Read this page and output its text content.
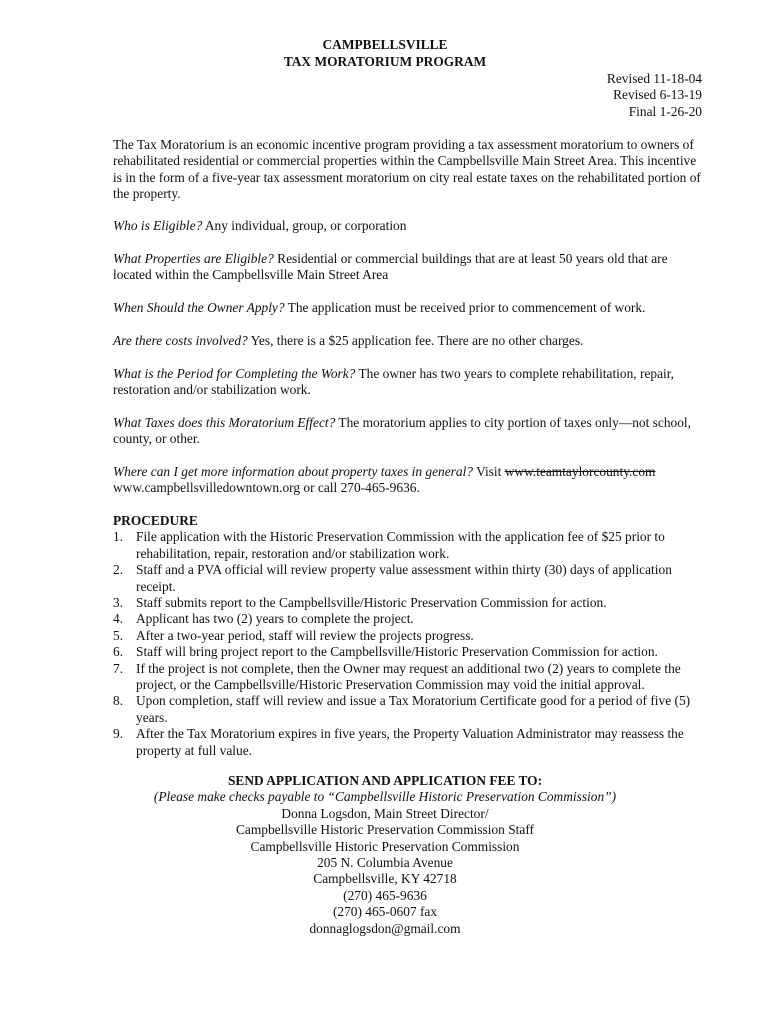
CAMPBELLSVILLE
TAX MORATORIUM PROGRAM
Revised 11-18-04
Revised 6-13-19
Final 1-26-20
The Tax Moratorium is an economic incentive program providing a tax assessment moratorium to owners of rehabilitated residential or commercial properties within the Campbellsville Main Street Area. This incentive is in the form of a five-year tax assessment moratorium on city real estate taxes on the rehabilitated portion of the property.
Who is Eligible? Any individual, group, or corporation
What Properties are Eligible? Residential or commercial buildings that are at least 50 years old that are located within the Campbellsville Main Street Area
When Should the Owner Apply? The application must be received prior to commencement of work.
Are there costs involved? Yes, there is a $25 application fee. There are no other charges.
What is the Period for Completing the Work? The owner has two years to complete rehabilitation, repair, restoration and/or stabilization work.
What Taxes does this Moratorium Effect? The moratorium applies to city portion of taxes only—not school, county, or other.
Where can I get more information about property taxes in general? Visit www.teamtaylorcounty.com www.campbellsvilledowntown.org or call 270-465-9636.
PROCEDURE
1. File application with the Historic Preservation Commission with the application fee of $25 prior to rehabilitation, repair, restoration and/or stabilization work.
2. Staff and a PVA official will review property value assessment within thirty (30) days of application receipt.
3. Staff submits report to the Campbellsville/Historic Preservation Commission for action.
4. Applicant has two (2) years to complete the project.
5. After a two-year period, staff will review the projects progress.
6. Staff will bring project report to the Campbellsville/Historic Preservation Commission for action.
7. If the project is not complete, then the Owner may request an additional two (2) years to complete the project, or the Campbellsville/Historic Preservation Commission may void the initial approval.
8. Upon completion, staff will review and issue a Tax Moratorium Certificate good for a period of five (5) years.
9. After the Tax Moratorium expires in five years, the Property Valuation Administrator may reassess the property at full value.
SEND APPLICATION AND APPLICATION FEE TO:
(Please make checks payable to “Campbellsville Historic Preservation Commission”)
Donna Logsdon, Main Street Director/
Campbellsville Historic Preservation Commission Staff
Campbellsville Historic Preservation Commission
205 N. Columbia Avenue
Campbellsville, KY 42718
(270) 465-9636
(270) 465-0607 fax
donnaglogsdon@gmail.com
